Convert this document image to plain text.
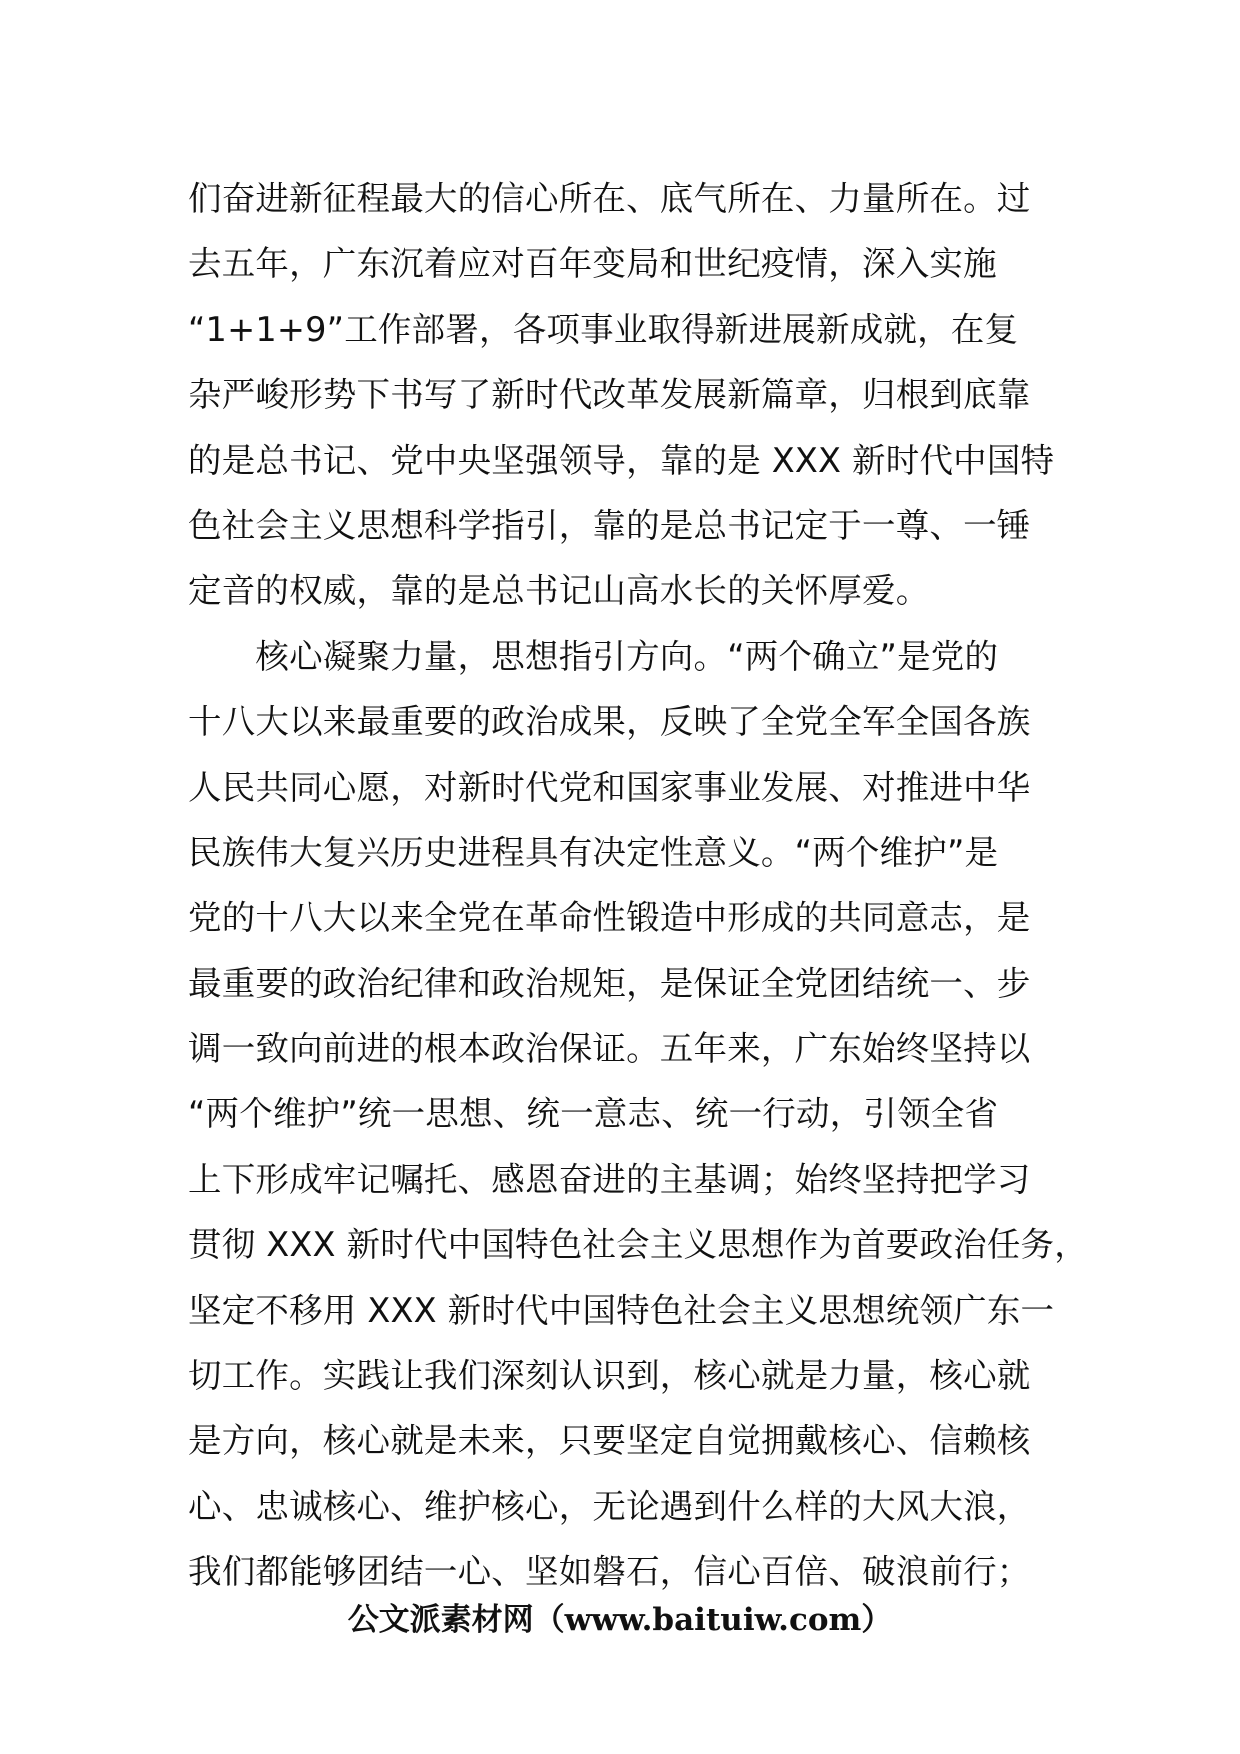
们奋进新征程最大的信心所在、底气所在、力量所在。过
去五年，广东沉着应对百年变局和世纪疫情，深入实施
“1+1+9”工作部署，各项事业取得新进展新成就，在复
杂严峻形势下书写了新时代改革发展新篇章，归根到底靠
的是总书记、党中央坚强领导，靠的是 XXX 新时代中国特
色社会主义思想科学指引，靠的是总书记定于一尊、一锤
定音的权威，靠的是总书记山高水长的关怀厚爱。
　　核心凝聚力量，思想指引方向。“两个确立”是党的
十八大以来最重要的政治成果，反映了全党全军全国各族
人民共同心愿，对新时代党和国家事业发展、对推进中华
民族伟大复兴历史进程具有决定性意义。“两个维护”是
党的十八大以来全党在革命性锻造中形成的共同意志，是
最重要的政治纪律和政治规矩，是保证全党团结统一、步
调一致向前进的根本政治保证。五年来，广东始终坚持以
“两个维护”统一思想、统一意志、统一行动，引领全省
上下形成牢记嘱托、感恩奋进的主基调；始终坚持把学习
贯彻 XXX 新时代中国特色社会主义思想作为首要政治任务，
坚定不移用 XXX 新时代中国特色社会主义思想统领广东一
切工作。实践让我们深刻认识到，核心就是力量，核心就
是方向，核心就是未来，只要坚定自觉拥戴核心、信赖核
心、忠诚核心、维护核心，无论遇到什么样的大风大浪，
我们都能够团结一心、坚如磐石，信心百倍、破浪前行；
公文派素材网（www.baituiw.com）
